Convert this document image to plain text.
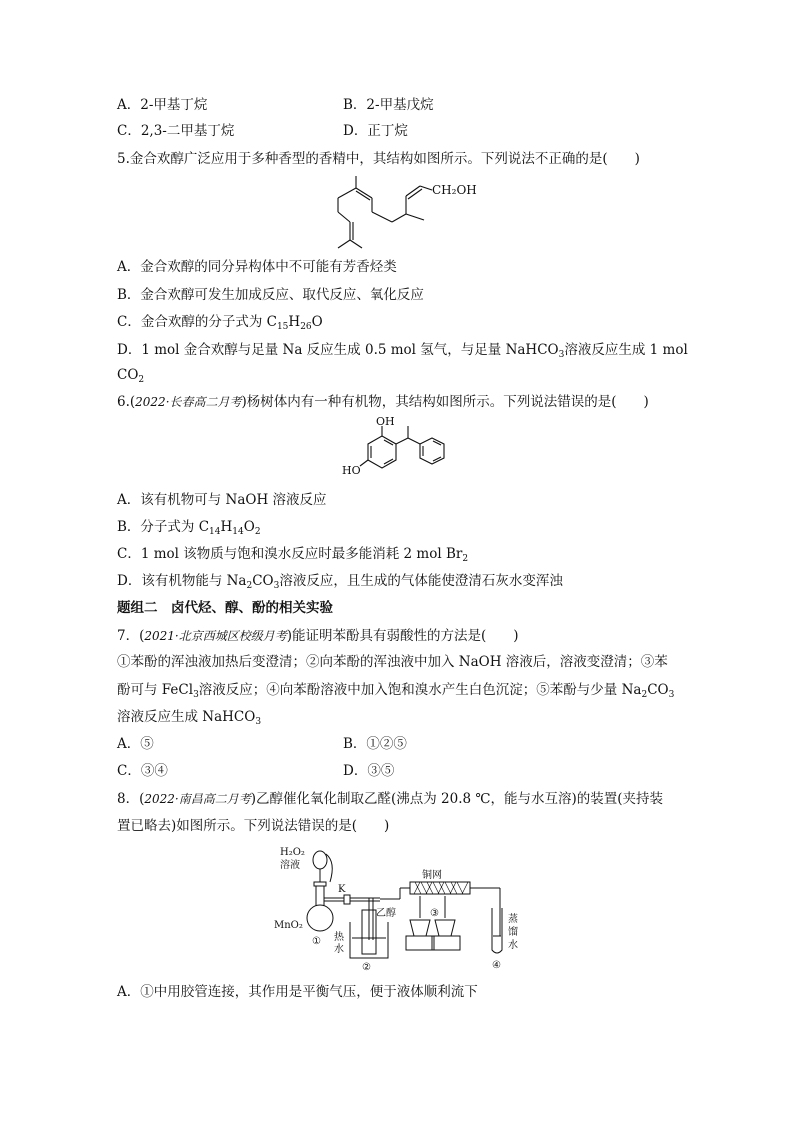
A．2-甲基丁烷	B．2-甲基戊烷
C．2,3-二甲基丁烷	D．正丁烷
5.金合欢醇广泛应用于多种香型的香精中，其结构如图所示。下列说法不正确的是(　　)
CH₂OH
A．金合欢醇的同分异构体中不可能有芳香烃类
B．金合欢醇可发生加成反应、取代反应、氧化反应
C．金合欢醇的分子式为 $C_{15}H_{26}O$
D．1 mol 金合欢醇与足量 Na 反应生成 0.5 mol 氢气，与足量 NaHCO$_3$溶液反应生成 1 mol
$CO_2$
6.(2022·长春高二月考)杨树体内有一种有机物，其结构如图所示。下列说法错误的是(　　)
OH
HO
A．该有机物可与 NaOH 溶液反应
B．分子式为 $C_{14}H_{14}O_2$
C．1 mol 该物质与饱和溴水反应时最多能消耗 2 mol $Br_2$
D．该有机物能与 $Na_2CO_3$溶液反应，且生成的气体能使澄清石灰水变浑浊
题组二　卤代烃、醇、酚的相关实验
7．(2021·北京西城区校级月考)能证明苯酚具有弱酸性的方法是(　　)
①苯酚的浑浊液加热后变澄清；②向苯酚的浑浊液中加入 NaOH 溶液后，溶液变澄清；③苯
酚可与 FeCl$_3$溶液反应；④向苯酚溶液中加入饱和溴水产生白色沉淀；⑤苯酚与少量 $Na_2CO_3$
溶液反应生成 NaHCO$_3$
A．⑤	B．①②⑤
C．③④	D．③⑤
8．(2022·南昌高二月考)乙醇催化氧化制取乙醛(沸点为 20.8 ℃，能与水互溶)的装置(夹持装
置已略去)如图所示。下列说法错误的是(　　)
H₂O₂
溶液
K
铜网
MnO₂
乙醇
热
水
蒸
馏
水
①
②
③
④
A．①中用胶管连接，其作用是平衡气压，便于液体顺利流下
